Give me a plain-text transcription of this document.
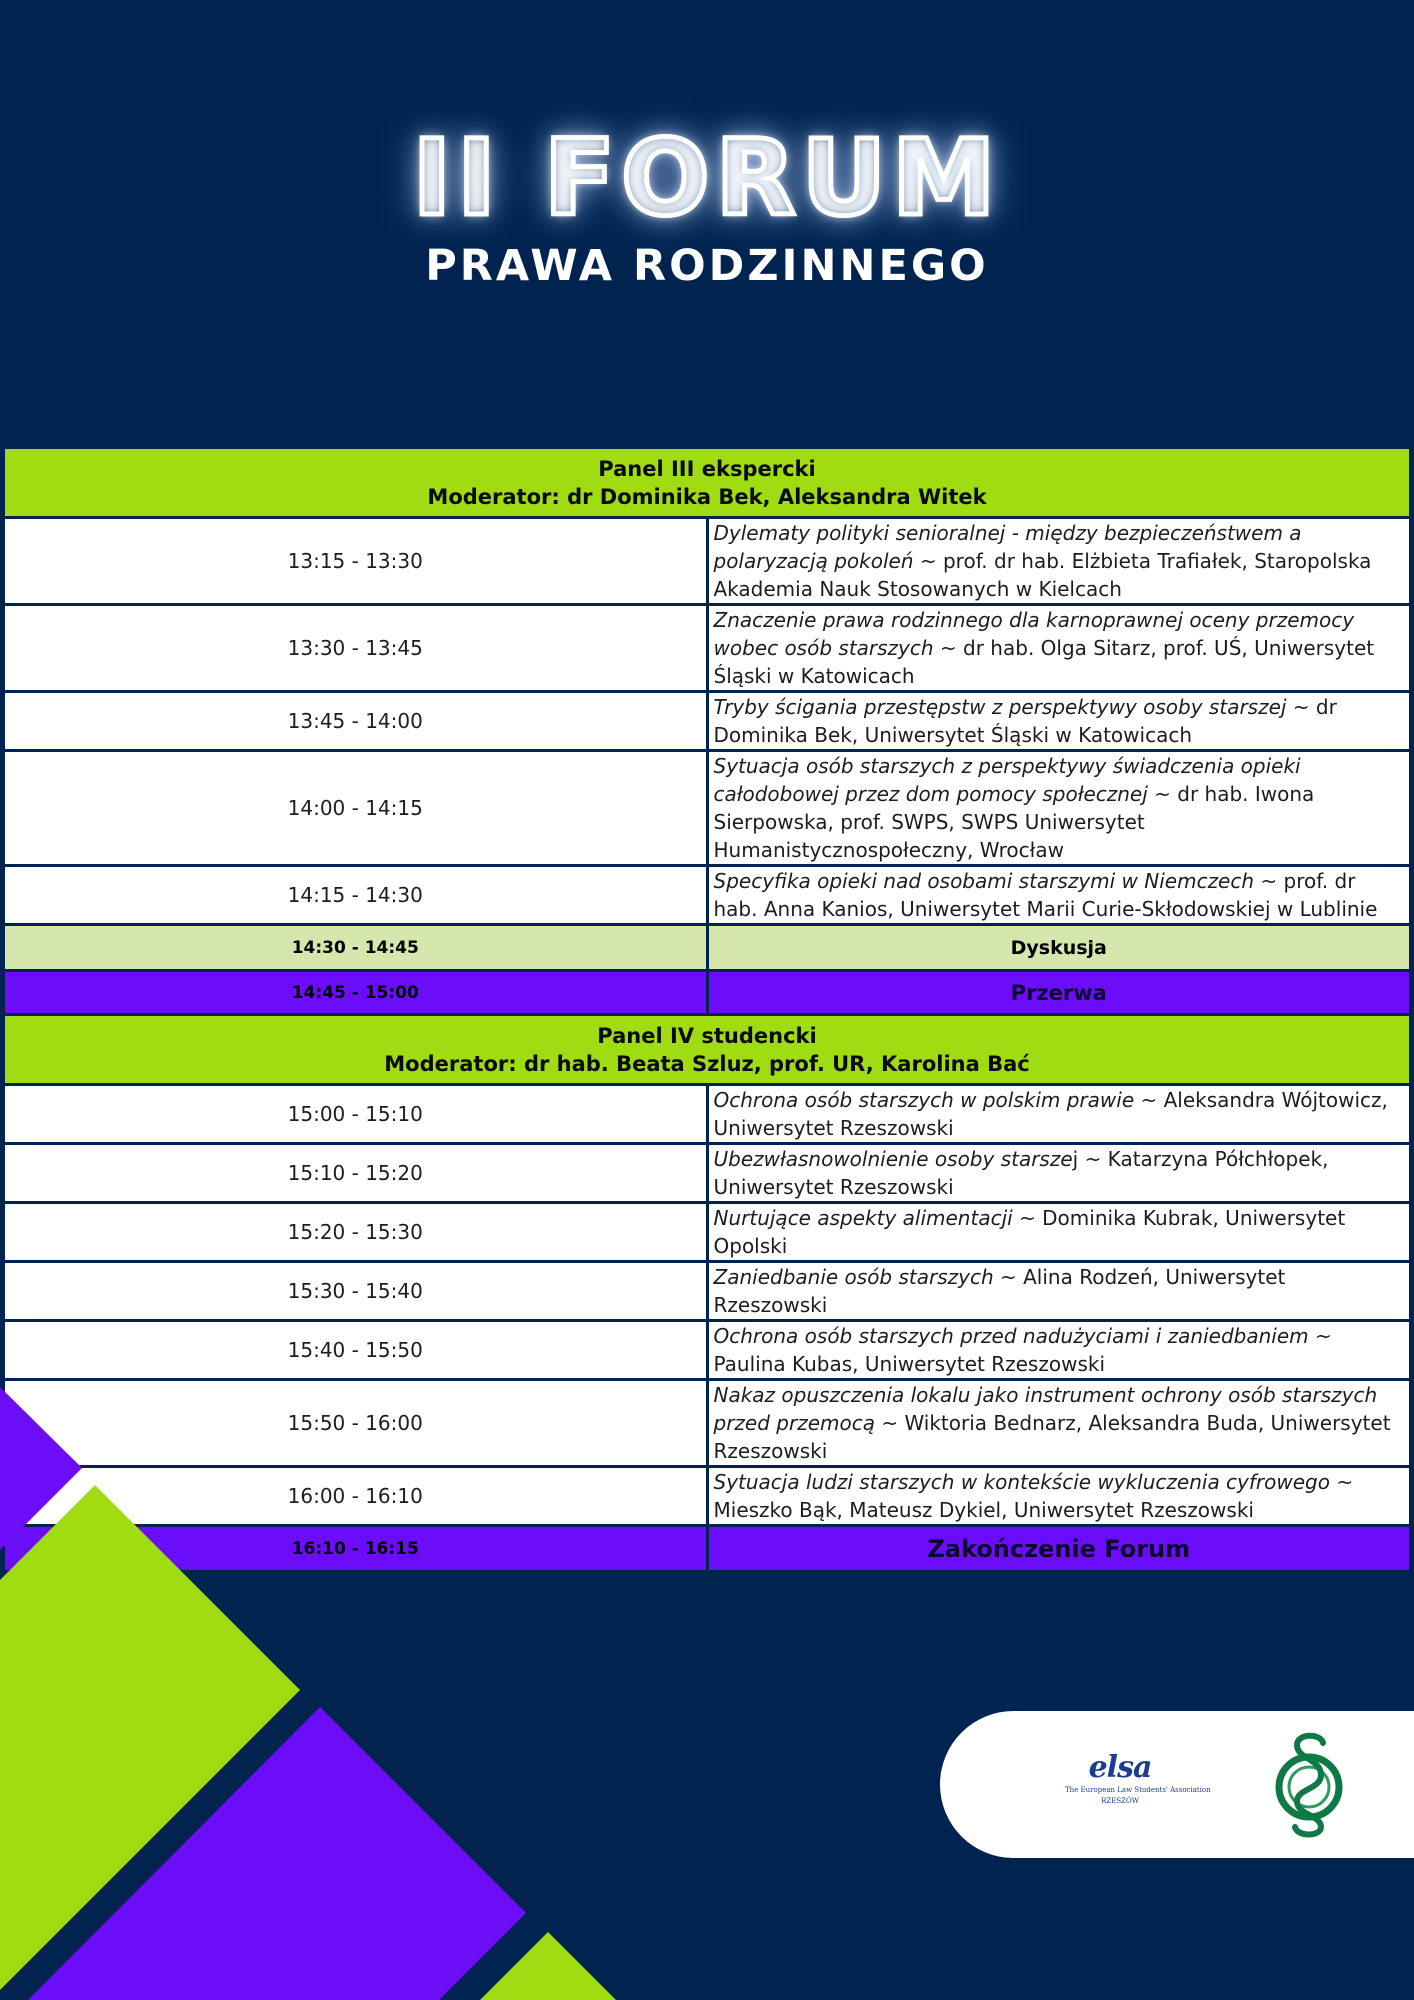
II FORUM
PRAWA RODZINNEGO
Panel III ekspercki
Moderator: dr Dominika Bek, Aleksandra Witek	

13:15 - 13:30	Dylematy polityki senioralnej - między bezpieczeństwem a polaryzacją pokoleń ~ prof. dr hab. Elżbieta Trafiałek, Staropolska Akademia Nauk Stosowanych w Kielcach
13:30 - 13:45	Znaczenie prawa rodzinnego dla karnoprawnej oceny przemocy wobec osób starszych ~ dr hab. Olga Sitarz, prof. UŚ, Uniwersytet Śląski w Katowicach
13:45 - 14:00	Tryby ścigania przestępstw z perspektywy osoby starszej ~ dr Dominika Bek, Uniwersytet Śląski w Katowicach
14:00 - 14:15	Sytuacja osób starszych z perspektywy świadczenia opieki całodobowej przez dom pomocy społecznej ~ dr hab. Iwona Sierpowska, prof. SWPS, SWPS Uniwersytet Humanistycznospołeczny, Wrocław
14:15 - 14:30	Specyfika opieki nad osobami starszymi w Niemczech ~ prof. dr hab. Anna Kanios, Uniwersytet Marii Curie-Skłodowskiej w Lublinie
14:30 - 14:45	Dyskusja
14:45 - 15:00	Przerwa

Panel IV studencki
Moderator: dr hab. Beata Szluz, prof. UR, Karolina Bać	

15:00 - 15:10	Ochrona osób starszych w polskim prawie ~ Aleksandra Wójtowicz, Uniwersytet Rzeszowski
15:10 - 15:20	Ubezwłasnowolnienie osoby starszej ~ Katarzyna Półchłopek, Uniwersytet Rzeszowski
15:20 - 15:30	Nurtujące aspekty alimentacji ~ Dominika Kubrak, Uniwersytet Opolski
15:30 - 15:40	Zaniedbanie osób starszych ~ Alina Rodzeń, Uniwersytet Rzeszowski
15:40 - 15:50	Ochrona osób starszych przed nadużyciami i zaniedbaniem ~ Paulina Kubas, Uniwersytet Rzeszowski
15:50 - 16:00	Nakaz opuszczenia lokalu jako instrument ochrony osób starszych przed przemocą ~ Wiktoria Bednarz, Aleksandra Buda, Uniwersytet Rzeszowski
16:00 - 16:10	Sytuacja ludzi starszych w kontekście wykluczenia cyfrowego ~ Mieszko Bąk, Mateusz Dykiel, Uniwersytet Rzeszowski
16:10 - 16:15	Zakończenie Forum
elsa
The European Law Students' Association
RZESZÓW
